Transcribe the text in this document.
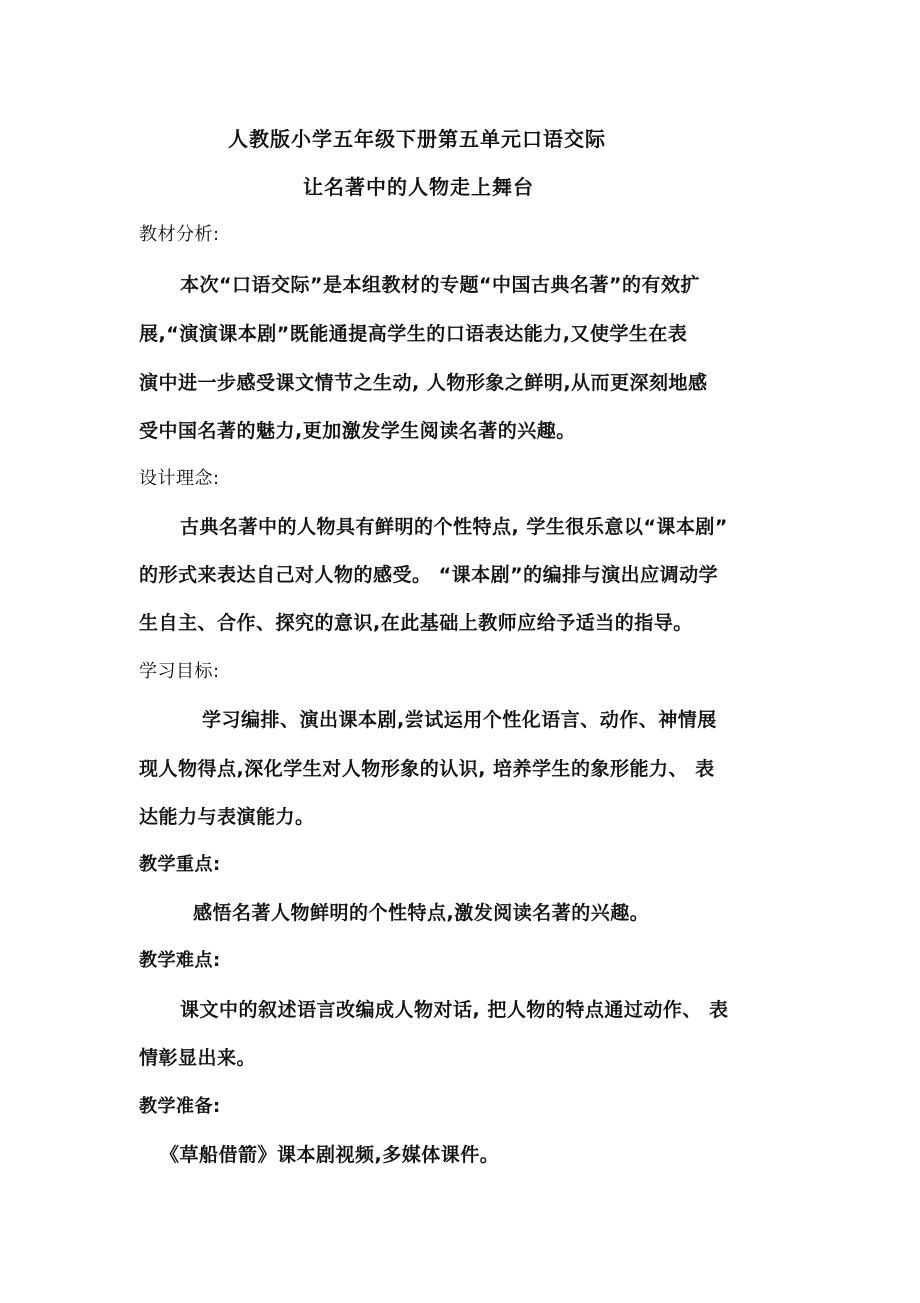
人教版小学五年级下册第五单元口语交际
让名著中的人物走上舞台
教材分析:
本次“口语交际”是本组教材的专题“中国古典名著”的有效扩
展,“演演课本剧”既能通提高学生的口语表达能力,又使学生在表
演中进一步感受课文情节之生动, 人物形象之鲜明,从而更深刻地感
受中国名著的魅力,更加激发学生阅读名著的兴趣。
设计理念:
古典名著中的人物具有鲜明的个性特点, 学生很乐意以“课本剧”
的形式来表达自己对人物的感受。 “课本剧”的编排与演出应调动学
生自主、合作、探究的意识,在此基础上教师应给予适当的指导。
学习目标:
学习编排、演出课本剧,尝试运用个性化语言、动作、神情展
现人物得点,深化学生对人物形象的认识, 培养学生的象形能力、 表
达能力与表演能力。
教学重点:
感悟名著人物鲜明的个性特点,激发阅读名著的兴趣。
教学难点:
课文中的叙述语言改编成人物对话, 把人物的特点通过动作、 表
情彰显出来。
教学准备:
《草船借箭》课本剧视频,多媒体课件。
